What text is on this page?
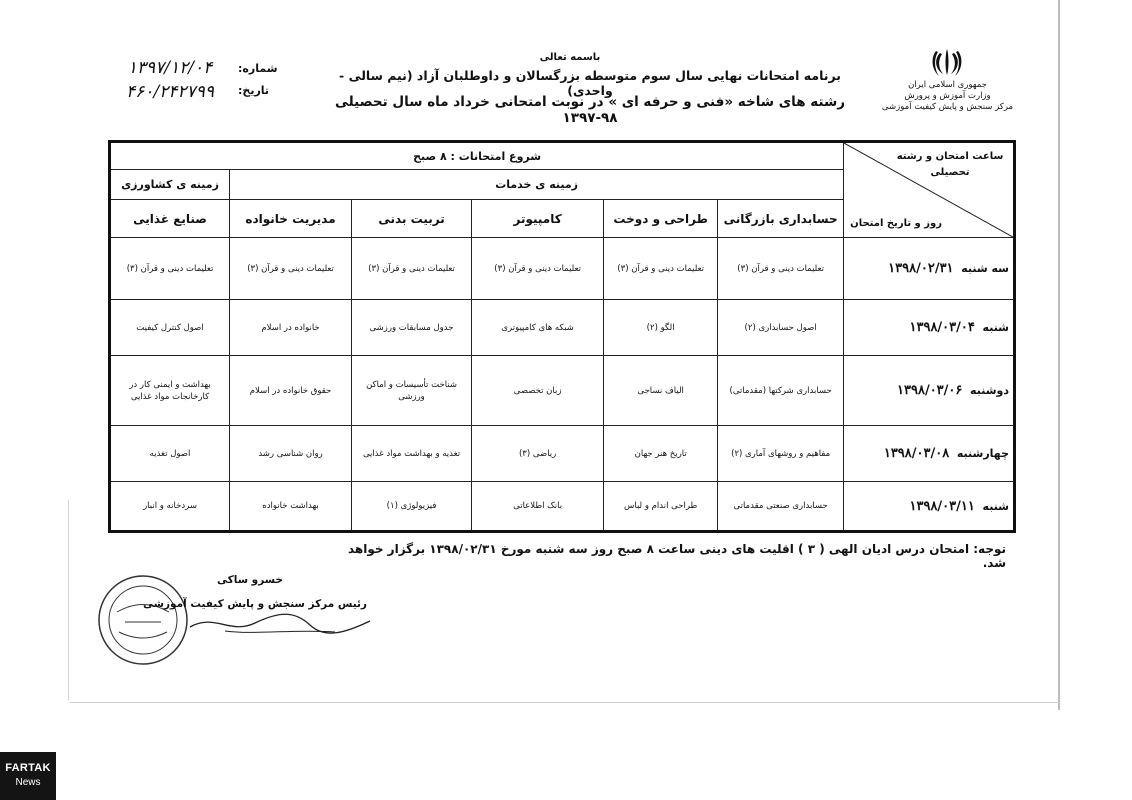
باسمه تعالی
برنامه امتحانات نهایی سال سوم متوسطه بزرگسالان و داوطلبان آزاد (نیم سالی - واحدی)
رشته های شاخه «فنی و حرفه ای » در نوبت امتحانی خرداد ماه سال تحصیلی ۹۸-۱۳۹۷
جمهوری اسلامی ایران
وزارت آموزش و پرورش
مرکز سنجش و پایش کیفیت آموزشی
۱۳۹۷/۱۲/۰۴
۴۶۰/۲۴۲۷۹۹
شماره:
تاریخ:
ساعت امتحان و رشته تحصیلی
روز و تاریخ امتحان	شروع امتحانات : ۸ صبح					
	زمینه ی خدمات					زمینه ی کشاورزی
	حسابداری بازرگانی	طراحی و دوخت	کامپیوتر	تربیت بدنی	مدیریت خانواده	صنایع غذایی
سه شنبه  ۱۳۹۸/۰۲/۳۱	تعلیمات دینی و قرآن (۳)	تعلیمات دینی و قرآن (۳)	تعلیمات دینی و قرآن (۳)	تعلیمات دینی و قرآن (۳)	تعلیمات دینی و قرآن (۳)	تعلیمات دینی و قرآن (۳)
شنبه  ۱۳۹۸/۰۳/۰۴	اصول حسابداری (۲)	الگو (۲)	شبکه های کامپیوتری	جدول مسابقات ورزشی	خانواده در اسلام	اصول کنترل کیفیت
دوشنبه  ۱۳۹۸/۰۳/۰۶	حسابداری شرکتها (مقدماتی)	الیاف نساجی	زبان تخصصی	شناخت تأسیسات و اماکن ورزشی	حقوق خانواده در اسلام	بهداشت و ایمنی کار در کارخانجات مواد غذایی
چهارشنبه  ۱۳۹۸/۰۳/۰۸	مفاهیم و روشهای آماری (۲)	تاریخ هنر جهان	ریاضی (۳)	تغذیه و بهداشت مواد غذایی	روان شناسی رشد	اصول تغذیه
شنبه  ۱۳۹۸/۰۳/۱۱	حسابداری صنعتی مقدماتی	طراحی اندام و لباس	بانک اطلاعاتی	فیزیولوژی (۱)	بهداشت خانواده	سردخانه و انبار
توجه: امتحان درس ادیان الهی ( ۳ ) اقلیت های دینی ساعت ۸ صبح روز سه شنبه مورخ ۱۳۹۸/۰۲/۳۱ برگزار خواهد شد.
خسرو ساکی
رئیس مرکز سنجش و پایش کیفیت آموزشی
FARTAK
News
